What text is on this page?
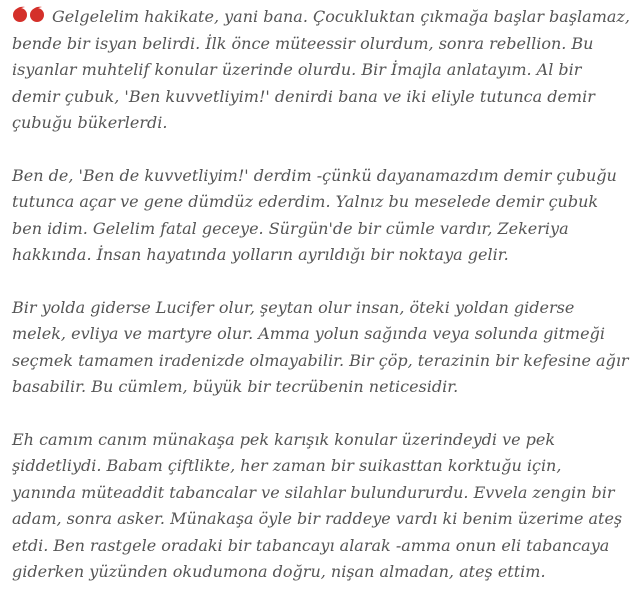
Gelgelelim hakikate, yani bana. Çocukluktan çıkmağa başlar başlamaz, bende bir isyan belirdi. İlk önce müteessir olurdum, sonra rebellion. Bu isyanlar muhtelif konular üzerinde olurdu. Bir İmajla anlatayım. Al bir demir çubuk, 'Ben kuvvetliyim!' denirdi bana ve iki eliyle tutunca demir çubuğu bükerlerdi.

Ben de, 'Ben de kuvvetliyim!' derdim -çünkü dayanamazdım demir çubuğu tutunca açar ve gene dümdüz ederdim. Yalnız bu meselede demir çubuk ben idim. Gelelim fatal geceye. Sürgün'de bir cümle vardır, Zekeriya hakkında. İnsan hayatında yolların ayrıldığı bir noktaya gelir.

Bir yolda giderse Lucifer olur, şeytan olur insan, öteki yoldan giderse melek, evliya ve martyre olur. Amma yolun sağında veya solunda gitmeği seçmek tamamen iradenizde olmayabilir. Bir çöp, terazinin bir kefesine ağır basabilir. Bu cümlem, büyük bir tecrübenin neticesidir.

Eh camım canım münakaşa pek karışık konular üzerindeydi ve pek şiddetliydi. Babam çiftlikte, her zaman bir suikasttan korktuğu için, yanında müteaddit tabancalar ve silahlar bulundururdu. Evvela zengin bir adam, sonra asker. Münakaşa öyle bir raddeye vardı ki benim üzerime ateş etdi. Ben rastgele oradaki bir tabancayı alarak -amma onun eli tabancaya giderken yüzünden okudumona doğru, nişan almadan, ateş ettim.
